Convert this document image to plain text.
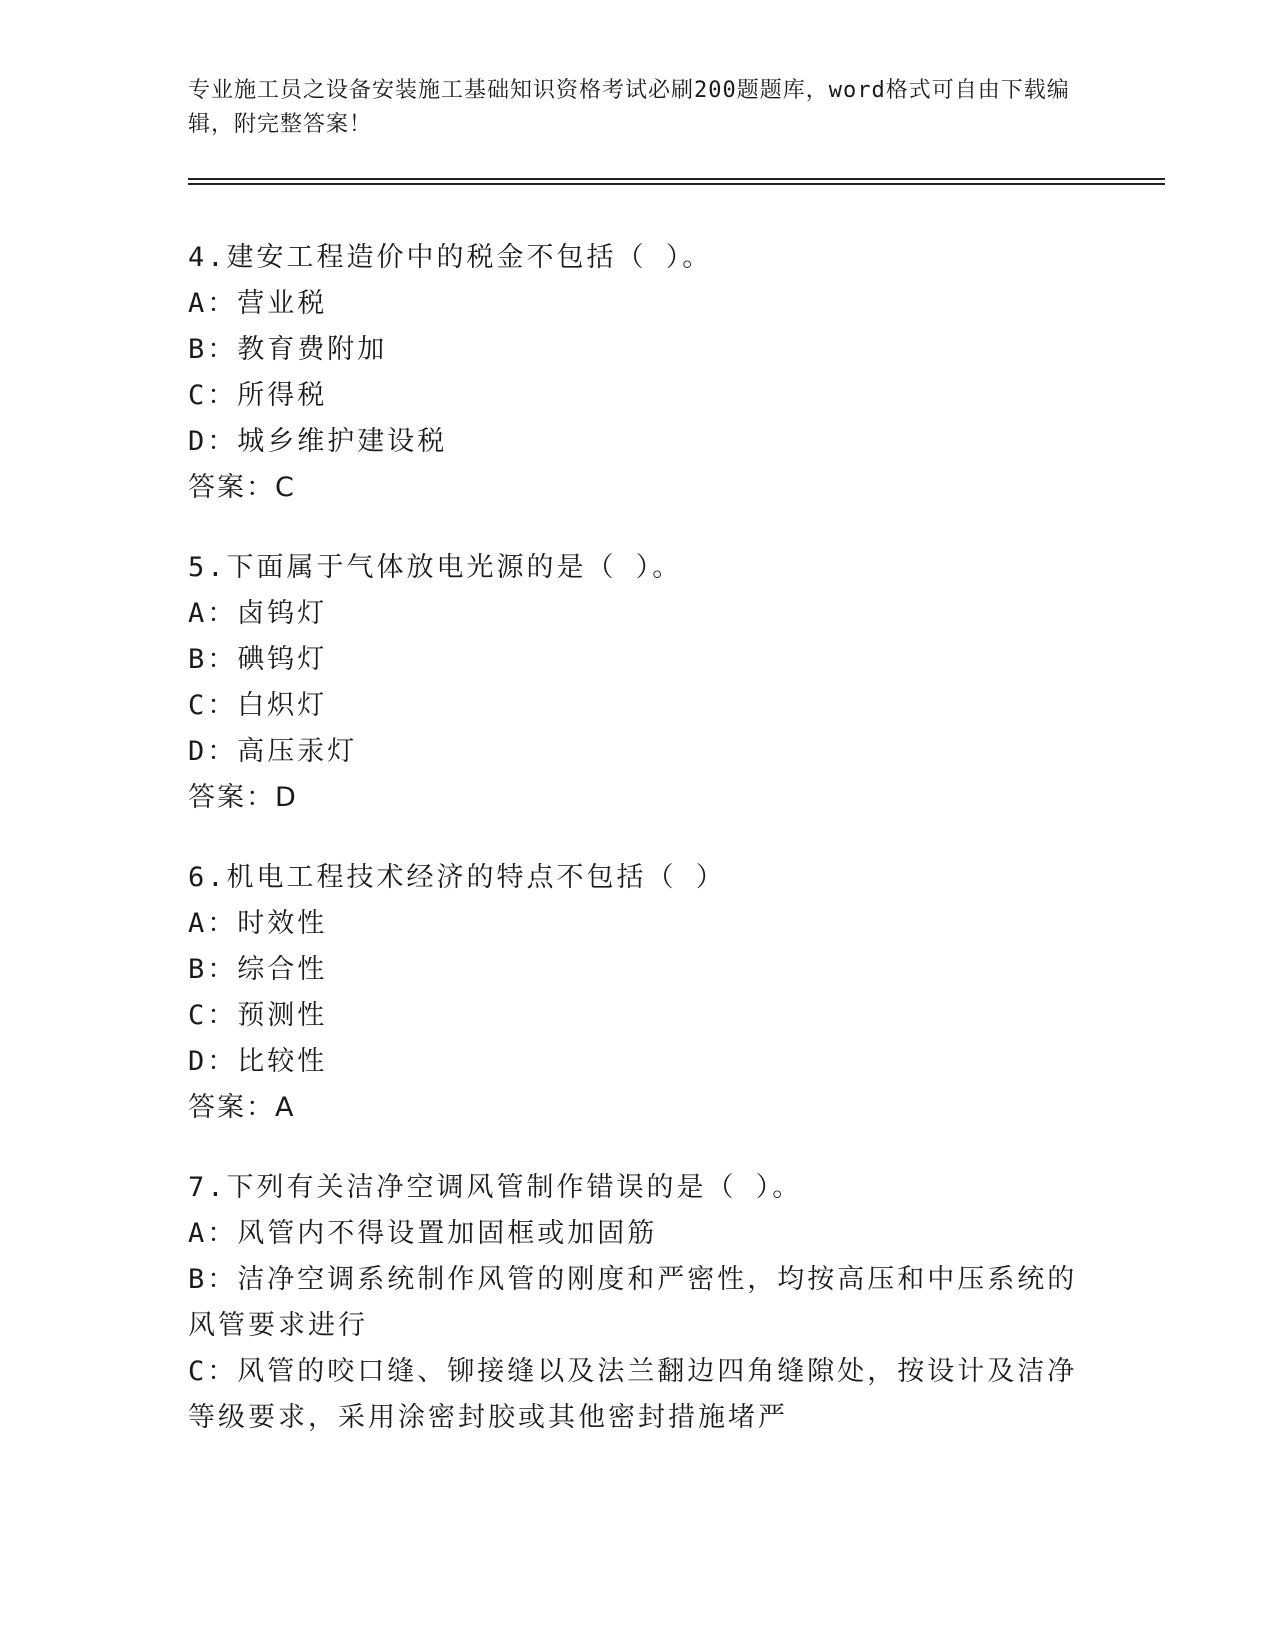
专业施工员之设备安装施工基础知识资格考试必刷200题题库，word格式可自由下载编辑，附完整答案！
4.建安工程造价中的税金不包括（ ）。
A：营业税
B：教育费附加
C：所得税
D：城乡维护建设税
答案：C
5.下面属于气体放电光源的是（ ）。
A：卤钨灯
B：碘钨灯
C：白炽灯
D：高压汞灯
答案：D
6.机电工程技术经济的特点不包括（ ）
A：时效性
B：综合性
C：预测性
D：比较性
答案：A
7.下列有关洁净空调风管制作错误的是（ ）。
A：风管内不得设置加固框或加固筋
B：洁净空调系统制作风管的刚度和严密性，均按高压和中压系统的风管要求进行
C：风管的咬口缝、铆接缝以及法兰翻边四角缝隙处，按设计及洁净等级要求，采用涂密封胶或其他密封措施堵严
